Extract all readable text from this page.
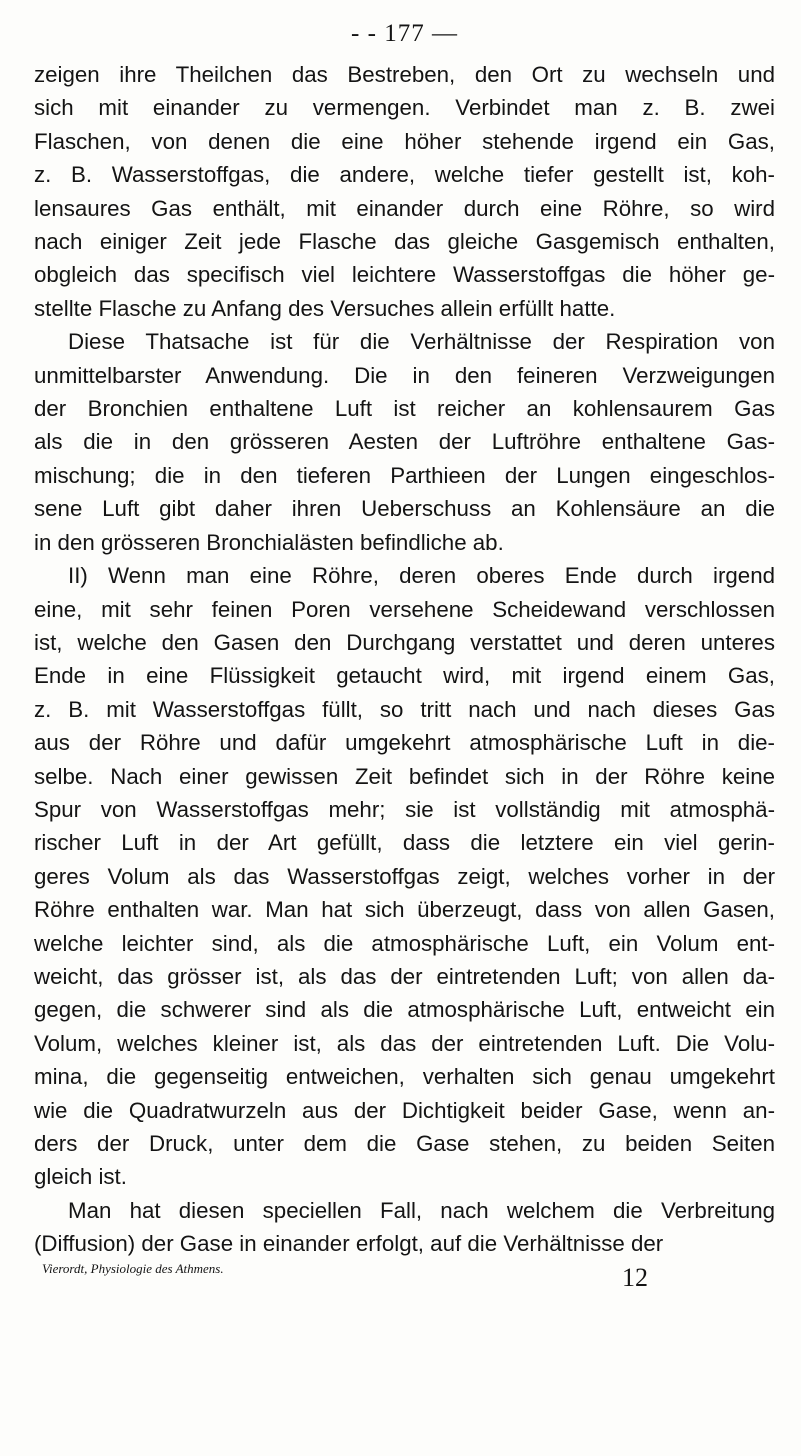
- - 177 —
zeigen ihre Theilchen das Bestreben, den Ort zu wechseln und
sich mit einander zu vermengen. Verbindet man z. B. zwei
Flaschen, von denen die eine höher stehende irgend ein Gas,
z. B. Wasserstoffgas, die andere, welche tiefer gestellt ist, koh-
lensaures Gas enthält, mit einander durch eine Röhre, so wird
nach einiger Zeit jede Flasche das gleiche Gasgemisch enthalten,
obgleich das specifisch viel leichtere Wasserstoffgas die höher ge-
stellte Flasche zu Anfang des Versuches allein erfüllt hatte.
Diese Thatsache ist für die Verhältnisse der Respiration von
unmittelbarster Anwendung. Die in den feineren Verzweigungen
der Bronchien enthaltene Luft ist reicher an kohlensaurem Gas
als die in den grösseren Aesten der Luftröhre enthaltene Gas-
mischung; die in den tieferen Parthieen der Lungen eingeschlos-
sene Luft gibt daher ihren Ueberschuss an Kohlensäure an die
in den grösseren Bronchialästen befindliche ab.
II) Wenn man eine Röhre, deren oberes Ende durch irgend
eine, mit sehr feinen Poren versehene Scheidewand verschlossen
ist, welche den Gasen den Durchgang verstattet und deren unteres
Ende in eine Flüssigkeit getaucht wird, mit irgend einem Gas,
z. B. mit Wasserstoffgas füllt, so tritt nach und nach dieses Gas
aus der Röhre und dafür umgekehrt atmosphärische Luft in die-
selbe. Nach einer gewissen Zeit befindet sich in der Röhre keine
Spur von Wasserstoffgas mehr; sie ist vollständig mit atmosphä-
rischer Luft in der Art gefüllt, dass die letztere ein viel gerin-
geres Volum als das Wasserstoffgas zeigt, welches vorher in der
Röhre enthalten war. Man hat sich überzeugt, dass von allen Gasen,
welche leichter sind, als die atmosphärische Luft, ein Volum ent-
weicht, das grösser ist, als das der eintretenden Luft; von allen da-
gegen, die schwerer sind als die atmosphärische Luft, entweicht ein
Volum, welches kleiner ist, als das der eintretenden Luft. Die Volu-
mina, die gegenseitig entweichen, verhalten sich genau umgekehrt
wie die Quadratwurzeln aus der Dichtigkeit beider Gase, wenn an-
ders der Druck, unter dem die Gase stehen, zu beiden Seiten
gleich ist.
Man hat diesen speciellen Fall, nach welchem die Verbreitung
(Diffusion) der Gase in einander erfolgt, auf die Verhältnisse der
Vierordt, Physiologie des Athmens.	12
